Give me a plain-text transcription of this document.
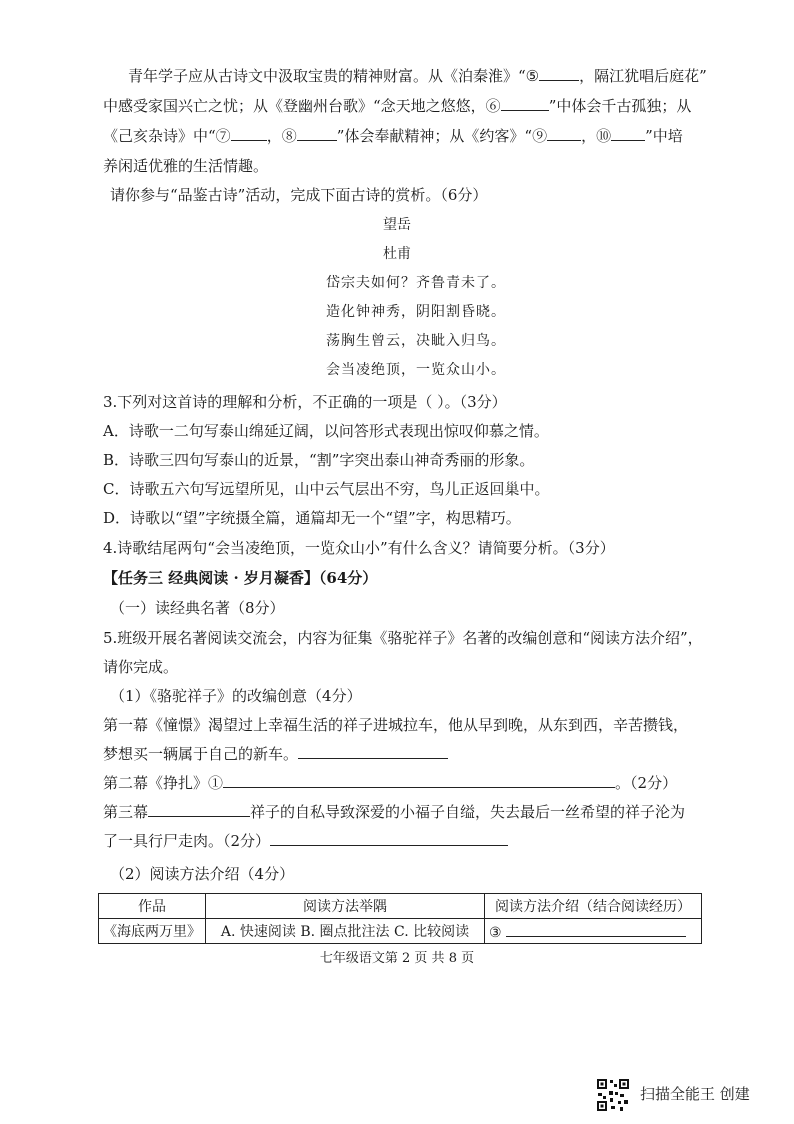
青年学子应从古诗文中汲取宝贵的精神财富。从《泊秦淮》“⑤	，隔江犹唱后庭花”
中感受家国兴亡之忧；从《登幽州台歌》“念天地之悠悠，⑥	”中体会千古孤独；从
《己亥杂诗》中“⑦ ，⑧	”体会奉献精神；从《约客》“⑨ ，⑩ ”中培
养闲适优雅的生活情趣。
请你参与“品鉴古诗”活动，完成下面古诗的赏析。（6分）
望岳
杜甫
岱宗夫如何？齐鲁青未了。
造化钟神秀，阴阳割昏晓。
荡胸生曾云，决眦入归鸟。
会当凌绝顶，一览众山小。
3.下列对这首诗的理解和分析，不正确的一项是（ ）。（3分）
A．诗歌一二句写泰山绵延辽阔，以问答形式表现出惊叹仰慕之情。
B．诗歌三四句写泰山的近景，“割”字突出泰山神奇秀丽的形象。
C．诗歌五六句写远望所见，山中云气层出不穷，鸟儿正返回巢中。
D．诗歌以“望”字统摄全篇，通篇却无一个“望”字，构思精巧。
4.诗歌结尾两句“会当凌绝顶，一览众山小”有什么含义？请简要分析。（3分）
【任务三 经典阅读 · 岁月凝香】（64分）
（一）读经典名著（8分）
5.班级开展名著阅读交流会，内容为征集《骆驼祥子》名著的改编创意和“阅读方法介绍”，
请你完成。
（1）《骆驼祥子》的改编创意（4分）
第一幕《憧憬》渴望过上幸福生活的祥子进城拉车，他从早到晚，从东到西，辛苦攒钱，
梦想买一辆属于自己的新车。
第二幕《挣扎》①	。（2分）
第三幕	祥子的自私导致深爱的小福子自缢，失去最后一丝希望的祥子沦为
了一具行尸走肉。（2分）
（2）阅读方法介绍（4分）
作品	阅读方法举隅	阅读方法介绍（结合阅读经历）
《海底两万里》	A. 快速阅读 B. 圈点批注法 C. 比较阅读	③
七年级语文第 2 页 共 8 页
扫描全能王 创建
